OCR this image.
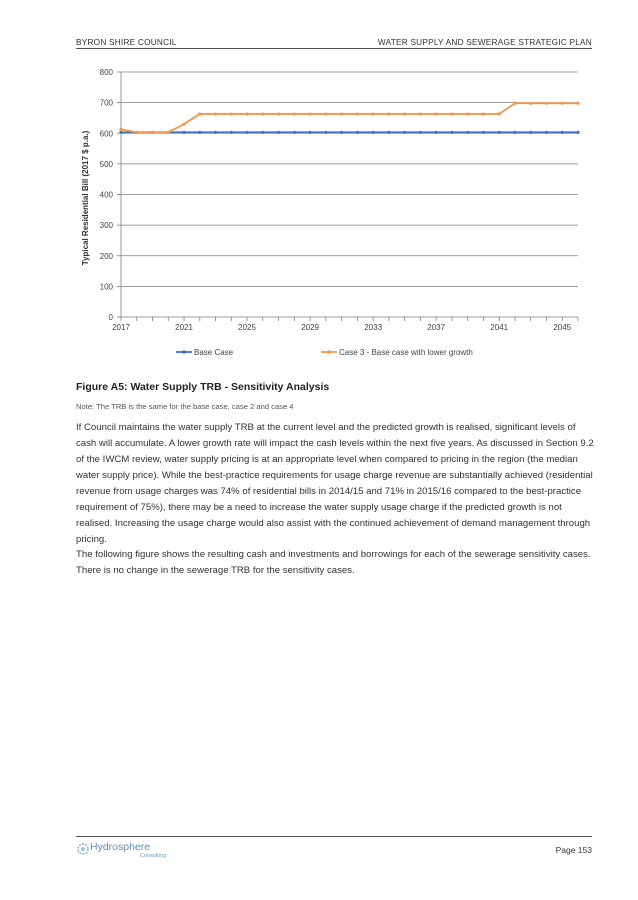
BYRON SHIRE COUNCIL	WATER SUPPLY AND SEWERAGE STRATEGIC PLAN
0
100
200
300
400
500
600
700
800
2017	2021	2025	2029	2033	2037	2041	2045
Base Case	Case 3 - Base case with lower growth
Typical Residential Bill (2017 $ p.a.)
Figure A5: Water Supply TRB - Sensitivity Analysis
Note: The TRB is the same for the base case, case 2 and case 4

If Council maintains the water supply TRB at the current level and the predicted growth is realised, significant levels of cash will accumulate. A lower growth rate will impact the cash levels within the next five years. As discussed in Section 9.2 of the IWCM review, water supply pricing is at an appropriate level when compared to pricing in the region (the median water supply price). While the best-practice requirements for usage charge revenue are substantially achieved (residential revenue from usage charges was 74% of residential bills in 2014/15 and 71% in 2015/16 compared to the best-practice requirement of 75%), there may be a need to increase the water supply usage charge if the predicted growth is not realised. Increasing the usage charge would also assist with the continued achievement of demand management through pricing.

The following figure shows the resulting cash and investments and borrowings for each of the sewerage sensitivity cases. There is no change in the sewerage TRB for the sensitivity cases.

Hydrosphere
Consulting
Page 153
